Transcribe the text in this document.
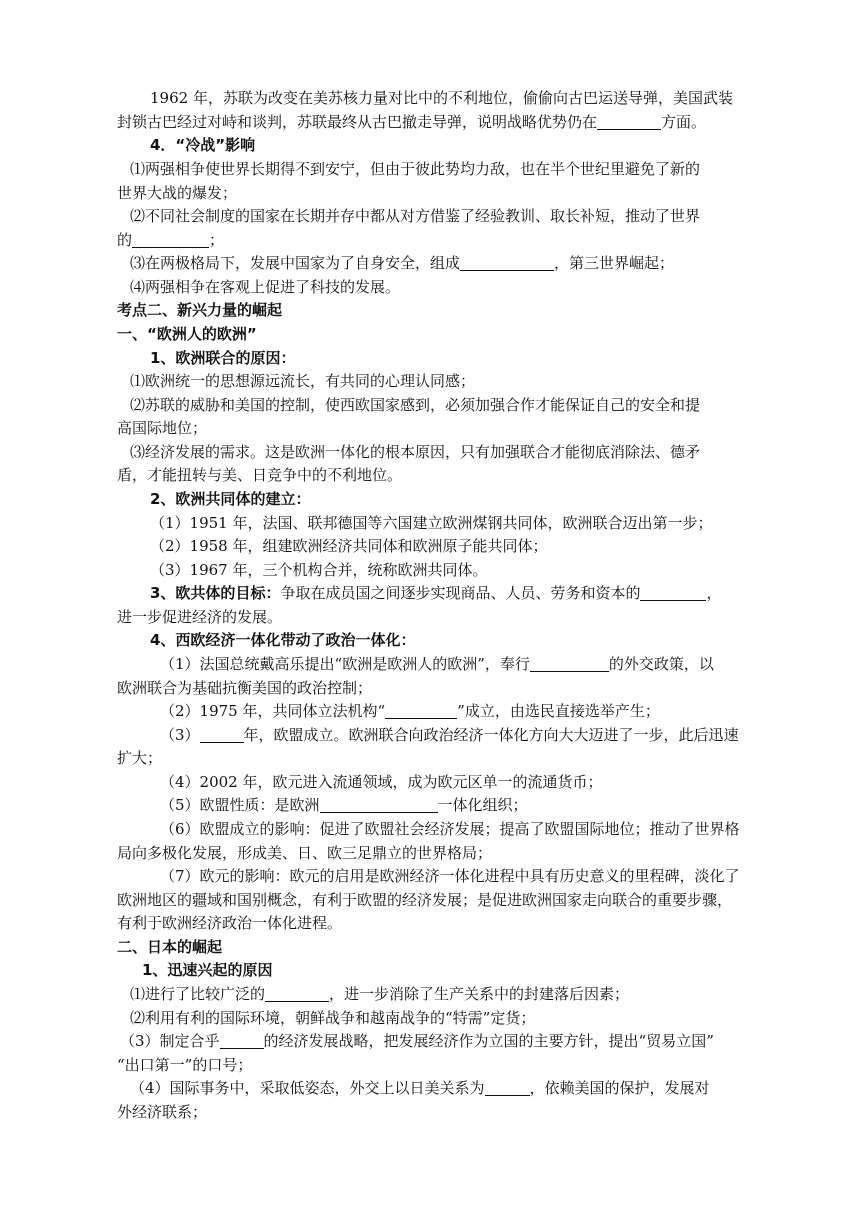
1962 年，苏联为改变在美苏核力量对比中的不利地位，偷偷向古巴运送导弹，美国武装
封锁古巴经过对峙和谈判，苏联最终从古巴撤走导弹，说明战略优势仍在	方面。
4．“冷战”影响
⑴两强相争使世界长期得不到安宁，但由于彼此势均力敌，也在半个世纪里避免了新的
世界大战的爆发；
⑵不同社会制度的国家在长期并存中都从对方借鉴了经验教训、取长补短，推动了世界
的	；
⑶在两极格局下，发展中国家为了自身安全，组成	，第三世界崛起；
⑷两强相争在客观上促进了科技的发展。
考点二、新兴力量的崛起
一、“欧洲人的欧洲”
1、欧洲联合的原因：
⑴欧洲统一的思想源远流长，有共同的心理认同感；
⑵苏联的威胁和美国的控制，使西欧国家感到，必须加强合作才能保证自己的安全和提
高国际地位；
⑶经济发展的需求。这是欧洲一体化的根本原因，只有加强联合才能彻底消除法、德矛
盾，才能扭转与美、日竞争中的不利地位。
2、欧洲共同体的建立：
（1）1951 年，法国、联邦德国等六国建立欧洲煤钢共同体，欧洲联合迈出第一步；
（2）1958 年，组建欧洲经济共同体和欧洲原子能共同体；
（3）1967 年，三个机构合并，统称欧洲共同体。
3、欧共体的目标：争取在成员国之间逐步实现商品、人员、劳务和资本的	，
进一步促进经济的发展。
4、西欧经济一体化带动了政治一体化：
（1）法国总统戴高乐提出“欧洲是欧洲人的欧洲”，奉行	的外交政策，以
欧洲联合为基础抗衡美国的政治控制；
（2）1975 年，共同体立法机构“	”成立，由选民直接选举产生；
（3）	年，欧盟成立。欧洲联合向政治经济一体化方向大大迈进了一步，此后迅速
扩大；
（4）2002 年，欧元进入流通领域，成为欧元区单一的流通货币；
（5）欧盟性质：是欧洲	一体化组织；
（6）欧盟成立的影响：促进了欧盟社会经济发展；提高了欧盟国际地位；推动了世界格
局向多极化发展，形成美、日、欧三足鼎立的世界格局；
（7）欧元的影响：欧元的启用是欧洲经济一体化进程中具有历史意义的里程碑，淡化了
欧洲地区的疆域和国别概念，有利于欧盟的经济发展；是促进欧洲国家走向联合的重要步骤，
有利于欧洲经济政治一体化进程。
二、日本的崛起
1、迅速兴起的原因
⑴进行了比较广泛的	，进一步消除了生产关系中的封建落后因素；
⑵利用有利的国际环境，朝鲜战争和越南战争的“特需”定货；
（3）制定合乎	的经济发展战略，把发展经济作为立国的主要方针，提出“贸易立国”
“出口第一”的口号；
（4）国际事务中，采取低姿态，外交上以日美关系为	，依赖美国的保护，发展对
外经济联系；
